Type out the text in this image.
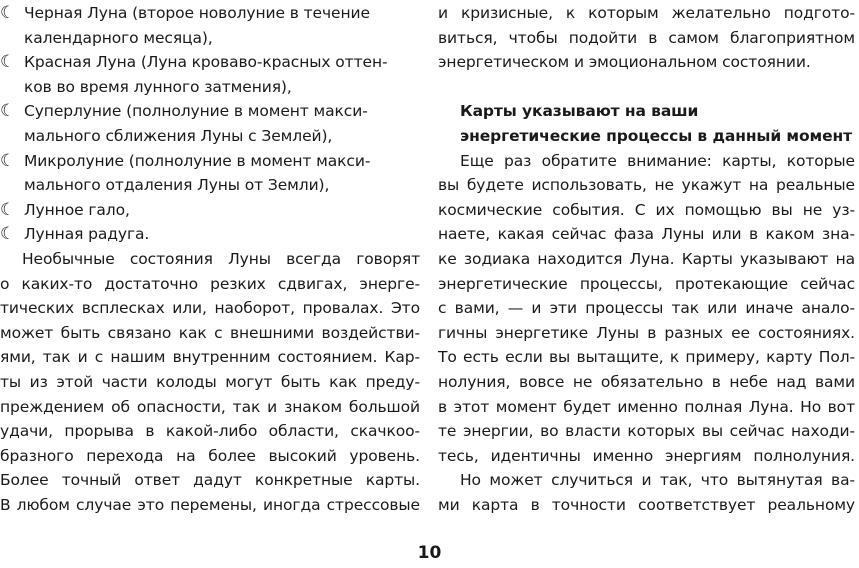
☾ Черная Луна (второе новолуние в течение
календарного месяца),
☾ Красная Луна (Луна кроваво-красных оттен-
ков во время лунного затмения),
☾ Суперлуние (полнолуние в момент макси-
мального сближения Луны с Землей),
☾ Микролуние (полнолуние в момент макси-
мального отдаления Луны от Земли),
☾ Лунное гало,
☾ Лунная радуга.
Необычные состояния Луны всегда говорят
о каких-то достаточно резких сдвигах, энерге-
тических всплесках или, наоборот, провалах. Это
может быть связано как с внешними воздействи-
ями, так и с нашим внутренним состоянием. Кар-
ты из этой части колоды могут быть как преду-
преждением об опасности, так и знаком большой
удачи, прорыва в какой-либо области, скачкоо-
бразного перехода на более высокий уровень.
Более точный ответ дадут конкретные карты.
В любом случае это перемены, иногда стрессовые
и кризисные, к которым желательно подгото-
виться, чтобы подойти в самом благоприятном
энергетическом и эмоциональном состоянии.
Карты указывают на ваши
энергетические процессы в данный момент
Еще раз обратите внимание: карты, которые
вы будете использовать, не укажут на реальные
космические события. С их помощью вы не уз-
наете, какая сейчас фаза Луны или в каком зна-
ке зодиака находится Луна. Карты указывают на
энергетические процессы, протекающие сейчас
с вами, — и эти процессы так или иначе анало-
гичны энергетике Луны в разных ее состояниях.
То есть если вы вытащите, к примеру, карту Пол-
нолуния, вовсе не обязательно в небе над вами
в этот момент будет именно полная Луна. Но вот
те энергии, во власти которых вы сейчас находи-
тесь, идентичны именно энергиям полнолуния.
Но может случиться и так, что вытянутая ва-
ми карта в точности соответствует реальному
10
